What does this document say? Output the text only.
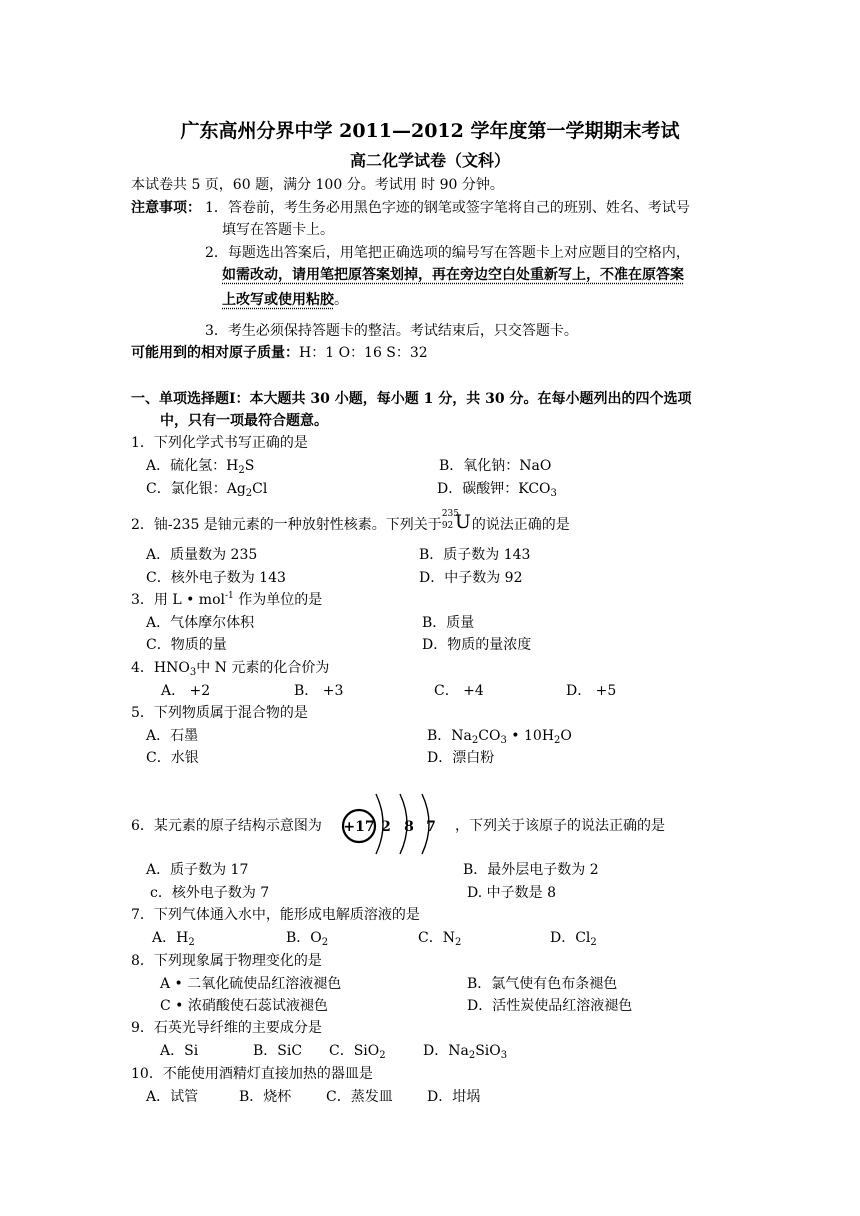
广东高州分界中学 2011—2012 学年度第一学期期末考试
高二化学试卷（文科）
本试卷共 5 页，60 题，满分 100 分。考试用 时 90 分钟。
注意事项： 1．答卷前，考生务必用黑色字迹的钢笔或签字笔将自己的班别、姓名、考试号
填写在答题卡上。
2．每题选出答案后，用笔把正确选项的编号写在答题卡上对应题目的空格内，
如需改动，请用笔把原答案划掉，再在旁边空白处重新写上，不准在原答案
上改写或使用粘胶。
3．考生必须保持答题卡的整洁。考试结束后，只交答题卡。
可能用到的相对原子质量：H：1 O：16 S：32
一、单项选择题Ⅰ：本大题共 30 小题，每小题 1 分，共 30 分。在每小题列出的四个选项
中，只有一项最符合题意。
1．下列化学式书写正确的是
A．硫化氢：$H_2S$	B．氧化钠：NaO
C．氯化银：$Ag_2Cl$	D．碳酸钾：$KCO_3$
2．铀-235 是铀元素的一种放射性核素。下列关于
235
92 U 的说法正确的是
A．质量数为 235	B．质子数为 143
C．核外电子数为 143	D．中子数为 92
3．用 L • mol$^{-1}$ 作为单位的是
A．气体摩尔体积	B．质量
C．物质的量	D．物质的量浓度
4．$HNO_3$中 N 元素的化合价为
A． +2	B． +3	C． +4	D． +5
5．下列物质属于混合物的是
A．石墨	B．$Na_2CO_3$ • $10H_2O$
C．水银	D．漂白粉
6．某元素的原子结构示意图为 +17 2 8 7 ，下列关于该原子的说法正确的是
A．质子数为 17	B．最外层电子数为 2
c．核外电子数为 7	D. 中子数是 8
7．下列气体通入水中，能形成电解质溶液的是
A．$H_2$	B．$O_2$	C．$N_2$	D．$Cl_2$
8．下列现象属于物理变化的是
A • 二氧化硫使品红溶液褪色	B．氯气使有色布条褪色
C • 浓硝酸使石蕊试液褪色	D．活性炭使品红溶液褪色
9．石英光导纤维的主要成分是
A．Si	B．SiC C．SiO$_2$	D．$Na_2SiO_3$
10．不能使用酒精灯直接加热的器皿是
A．试管	B．烧杯 C．蒸发皿 D．坩埚
